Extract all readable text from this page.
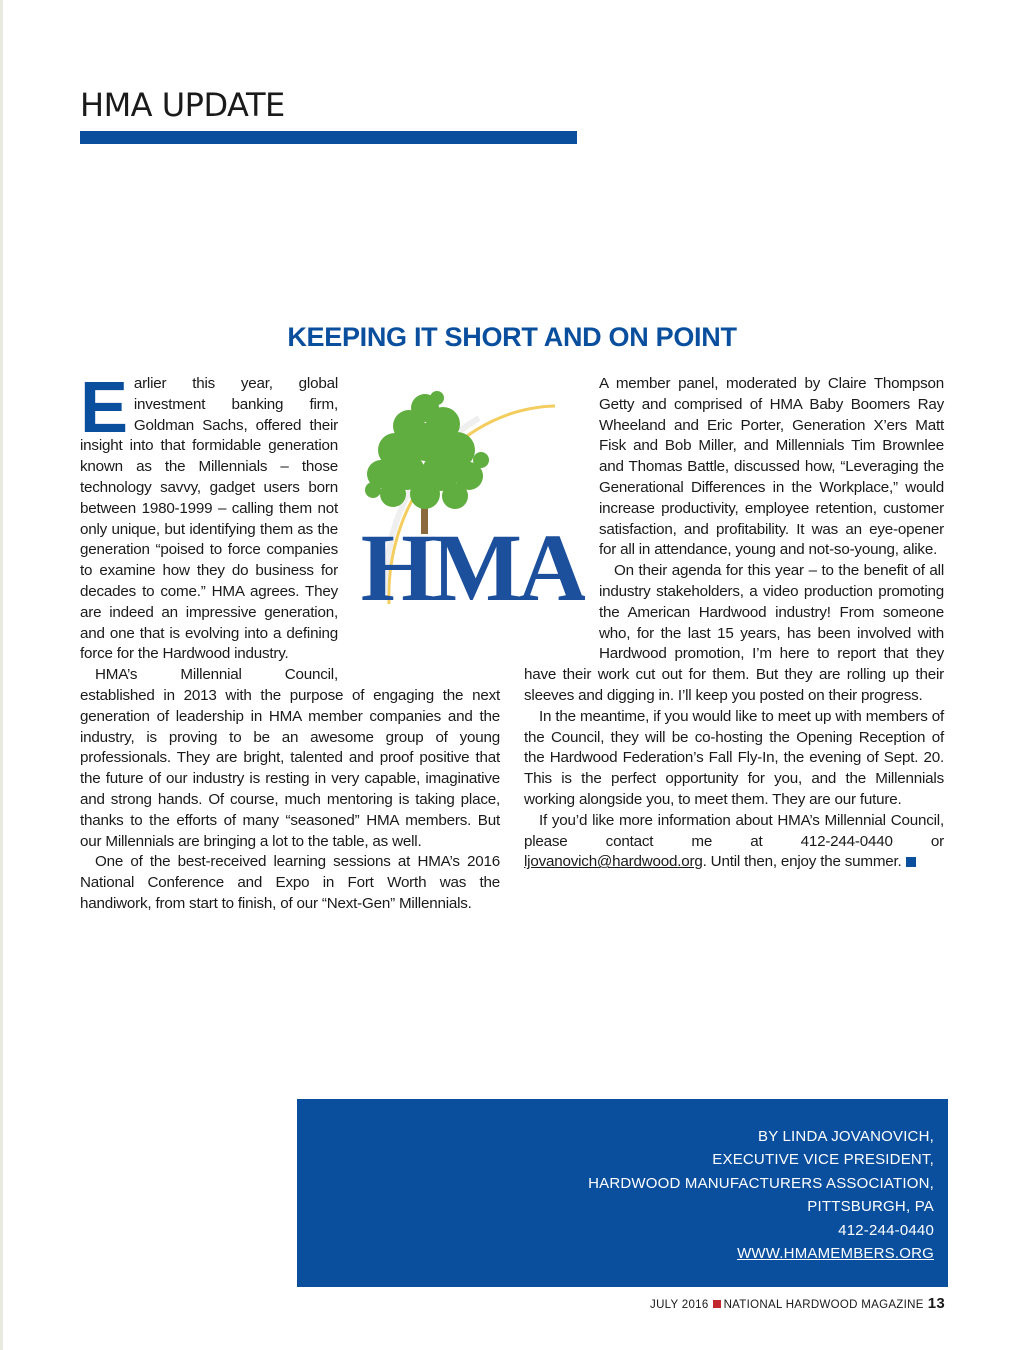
HMA UPDATE
KEEPING IT SHORT AND ON POINT

Earlier this year, global investment banking firm, Goldman Sachs, offered their insight into that formidable generation known as the Millennials – those technology savvy, gadget users born between 1980-1999 – calling them not only unique, but identifying them as the generation “poised to force companies to examine how they do business for decades to come.” HMA agrees. They are indeed an impressive generation, and one that is evolving into a defining force for the Hardwood industry.

HMA’s Millennial Council, established in 2013 with the purpose of engaging the next generation of leadership in HMA member companies and the industry, is proving to be an awesome group of young professionals. They are bright, talented and proof positive that the future of our industry is resting in very capable, imaginative and strong hands. Of course, much mentoring is taking place, thanks to the efforts of many “seasoned” HMA members. But our Millennials are bringing a lot to the table, as well.

One of the best-received learning sessions at HMA’s 2016 National Conference and Expo in Fort Worth was the handiwork, from start to finish, of our “Next-Gen” Millennials.

A member panel, moderated by Claire Thompson Getty and comprised of HMA Baby Boomers Ray Wheeland and Eric Porter, Generation X’ers Matt Fisk and Bob Miller, and Millennials Tim Brownlee and Thomas Battle, discussed how, “Leveraging the Generational Differences in the Workplace,” would increase productivity, employee retention, customer satisfaction, and profitability. It was an eye-opener for all in attendance, young and not-so-young, alike.

On their agenda for this year – to the benefit of all industry stakeholders, a video production promoting the American Hardwood industry! From someone who, for the last 15 years, has been involved with Hardwood promotion, I’m here to report that they have their work cut out for them. But they are rolling up their sleeves and digging in. I’ll keep you posted on their progress.

In the meantime, if you would like to meet up with members of the Council, they will be co-hosting the Opening Reception of the Hardwood Federation’s Fall Fly-In, the evening of Sept. 20. This is the perfect opportunity for you, and the Millennials working alongside you, to meet them. They are our future.

If you’d like more information about HMA’s Millennial Council, please contact me at 412-244-0440 or ljovanovich@hardwood.org. Until then, enjoy the summer.

HMA
BY LINDA JOVANOVICH,
EXECUTIVE VICE PRESIDENT,
HARDWOOD MANUFACTURERS ASSOCIATION,
PITTSBURGH, PA
412-244-0440
WWW.HMAMEMBERS.ORG
JULY 2016 NATIONAL HARDWOOD MAGAZINE 13
